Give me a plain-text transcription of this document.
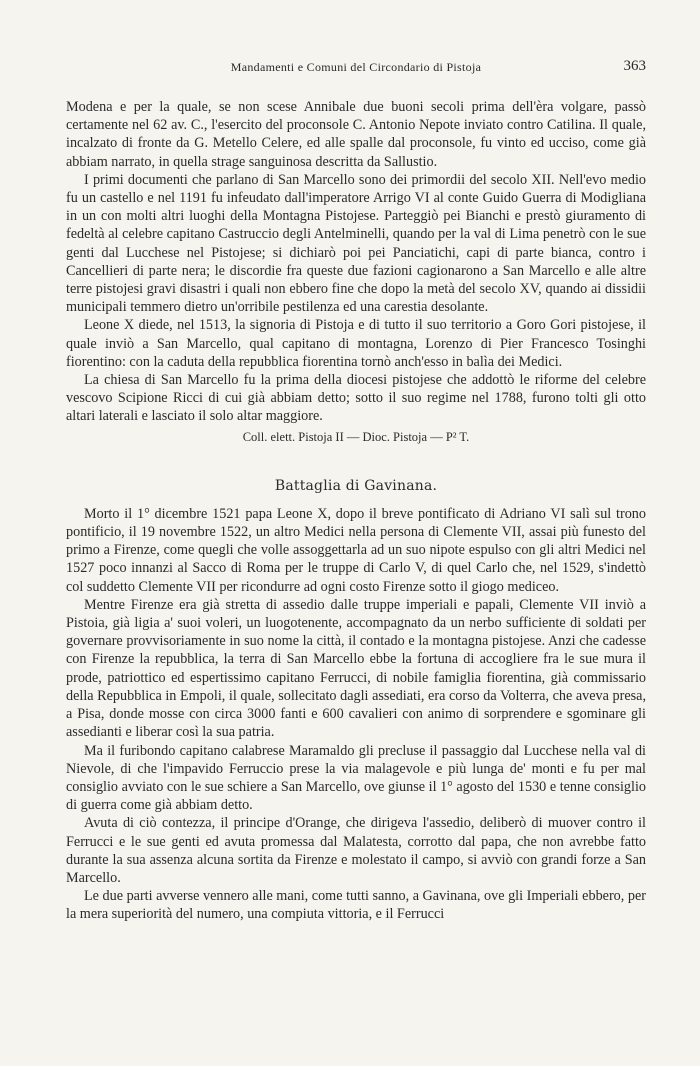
Mandamenti e Comuni del Circondario di Pistoja	363

Modena e per la quale, se non scese Annibale due buoni secoli prima dell'èra volgare, passò certamente nel 62 av. C., l'esercito del proconsole C. Antonio Nepote inviato contro Catilina. Il quale, incalzato di fronte da G. Metello Celere, ed alle spalle dal proconsole, fu vinto ed ucciso, come già abbiam narrato, in quella strage sanguinosa descritta da Sallustio.

I primi documenti che parlano di San Marcello sono dei primordii del secolo XII. Nell'evo medio fu un castello e nel 1191 fu infeudato dall'imperatore Arrigo VI al conte Guido Guerra di Modigliana in un con molti altri luoghi della Montagna Pistojese. Parteggiò pei Bianchi e prestò giuramento di fedeltà al celebre capitano Castruccio degli Antelminelli, quando per la val di Lima penetrò con le sue genti dal Lucchese nel Pistojese; si dichiarò poi pei Panciatichi, capi di parte bianca, contro i Cancellieri di parte nera; le discordie fra queste due fazioni cagionarono a San Marcello e alle altre terre pistojesi gravi disastri i quali non ebbero fine che dopo la metà del secolo XV, quando ai dissidii municipali temmero dietro un'orribile pestilenza ed una carestia desolante.

Leone X diede, nel 1513, la signoria di Pistoja e di tutto il suo territorio a Goro Gori pistojese, il quale inviò a San Marcello, qual capitano di montagna, Lorenzo di Pier Francesco Tosinghi fiorentino: con la caduta della repubblica fiorentina tornò anch'esso in balìa dei Medici.

La chiesa di San Marcello fu la prima della diocesi pistojese che addottò le riforme del celebre vescovo Scipione Ricci di cui già abbiam detto; sotto il suo regime nel 1788, furono tolti gli otto altari laterali e lasciato il solo altar maggiore.

Coll. elett. Pistoja II — Dioc. Pistoja — P² T.
Battaglia di Gavinana.

Morto il 1° dicembre 1521 papa Leone X, dopo il breve pontificato di Adriano VI salì sul trono pontificio, il 19 novembre 1522, un altro Medici nella persona di Clemente VII, assai più funesto del primo a Firenze, come quegli che volle assoggettarla ad un suo nipote espulso con gli altri Medici nel 1527 poco innanzi al Sacco di Roma per le truppe di Carlo V, di quel Carlo che, nel 1529, s'indettò col suddetto Clemente VII per ricondurre ad ogni costo Firenze sotto il giogo mediceo.

Mentre Firenze era già stretta di assedio dalle truppe imperiali e papali, Clemente VII inviò a Pistoia, già ligia a' suoi voleri, un luogotenente, accompagnato da un nerbo sufficiente di soldati per governare provvisoriamente in suo nome la città, il contado e la montagna pistojese. Anzi che cadesse con Firenze la repubblica, la terra di San Marcello ebbe la fortuna di accogliere fra le sue mura il prode, patriottico ed espertissimo capitano Ferrucci, di nobile famiglia fiorentina, già commissario della Repubblica in Empoli, il quale, sollecitato dagli assediati, era corso da Volterra, che aveva presa, a Pisa, donde mosse con circa 3000 fanti e 600 cavalieri con animo di sorprendere e sgominare gli assedianti e liberar così la sua patria.

Ma il furibondo capitano calabrese Maramaldo gli precluse il passaggio dal Lucchese nella val di Nievole, di che l'impavido Ferruccio prese la via malagevole e più lunga de' monti e fu per mal consiglio avviato con le sue schiere a San Marcello, ove giunse il 1° agosto del 1530 e tenne consiglio di guerra come già abbiam detto.

Avuta di ciò contezza, il principe d'Orange, che dirigeva l'assedio, deliberò di muover contro il Ferrucci e le sue genti ed avuta promessa dal Malatesta, corrotto dal papa, che non avrebbe fatto durante la sua assenza alcuna sortita da Firenze e molestato il campo, si avviò con grandi forze a San Marcello.

Le due parti avverse vennero alle mani, come tutti sanno, a Gavinana, ove gli Imperiali ebbero, per la mera superiorità del numero, una compiuta vittoria, e il Ferrucci
